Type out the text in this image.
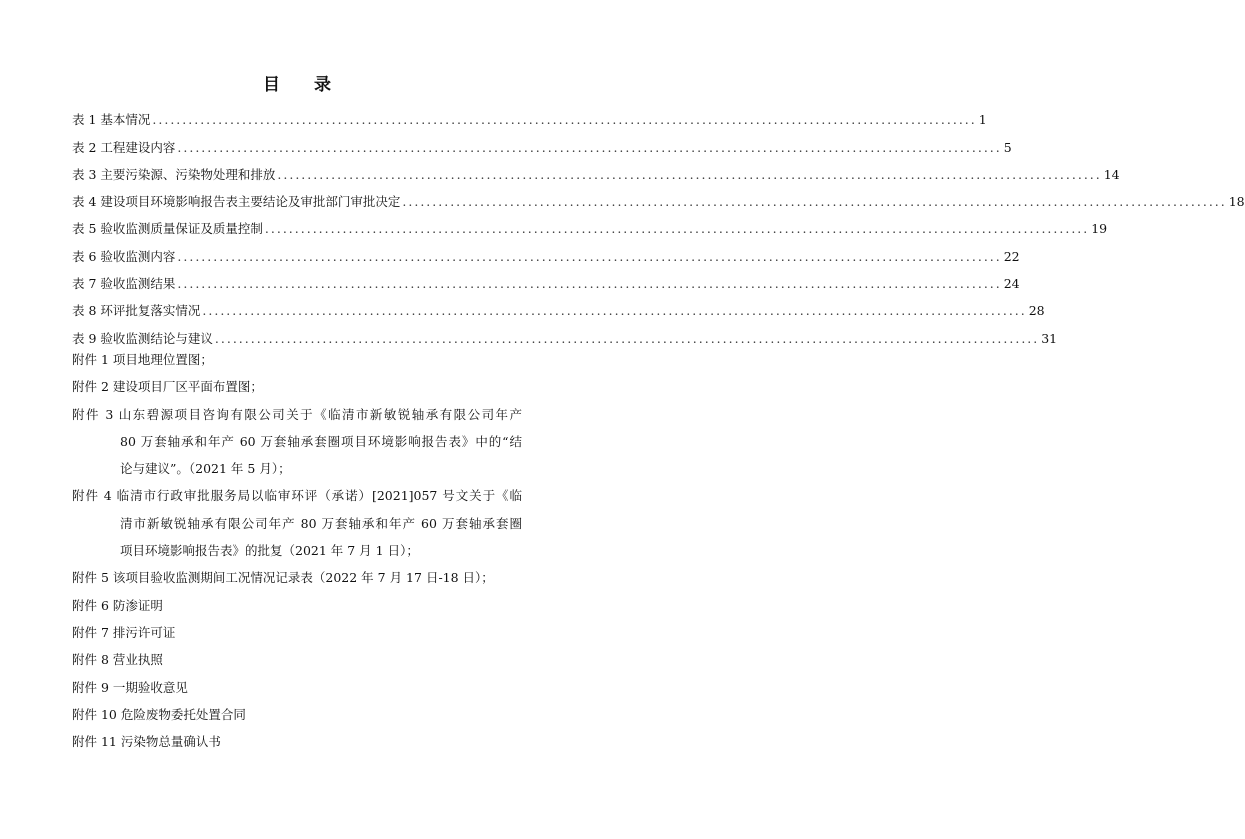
目 录
表 1 基本情况 .......................................................................................................................................... 1
表 2 工程建设内容 .......................................................................................................................................... 5
表 3 主要污染源、污染物处理和排放 .......................................................................................................................................... 14
表 4 建设项目环境影响报告表主要结论及审批部门审批决定 .......................................................................................................................................... 18
表 5 验收监测质量保证及质量控制 .......................................................................................................................................... 19
表 6 验收监测内容 .......................................................................................................................................... 22
表 7 验收监测结果 .......................................................................................................................................... 24
表 8 环评批复落实情况 .......................................................................................................................................... 28
表 9 验收监测结论与建议 .......................................................................................................................................... 31
附件 1 项目地理位置图；
附件 2 建设项目厂区平面布置图；
附件 3 山东碧源项目咨询有限公司关于《临清市新敏锐轴承有限公司年产
80 万套轴承和年产 60 万套轴承套圈项目环境影响报告表》中的“结
论与建议”。（2021 年 5 月）；
附件 4 临清市行政审批服务局以临审环评（承诺）[2021]057 号文关于《临
清市新敏锐轴承有限公司年产 80 万套轴承和年产 60 万套轴承套圈
项目环境影响报告表》的批复（2021 年 7 月 1 日）；
附件 5 该项目验收监测期间工况情况记录表（2022 年 7 月 17 日-18 日）；
附件 6 防渗证明
附件 7 排污许可证
附件 8 营业执照
附件 9 一期验收意见
附件 10 危险废物委托处置合同
附件 11 污染物总量确认书
